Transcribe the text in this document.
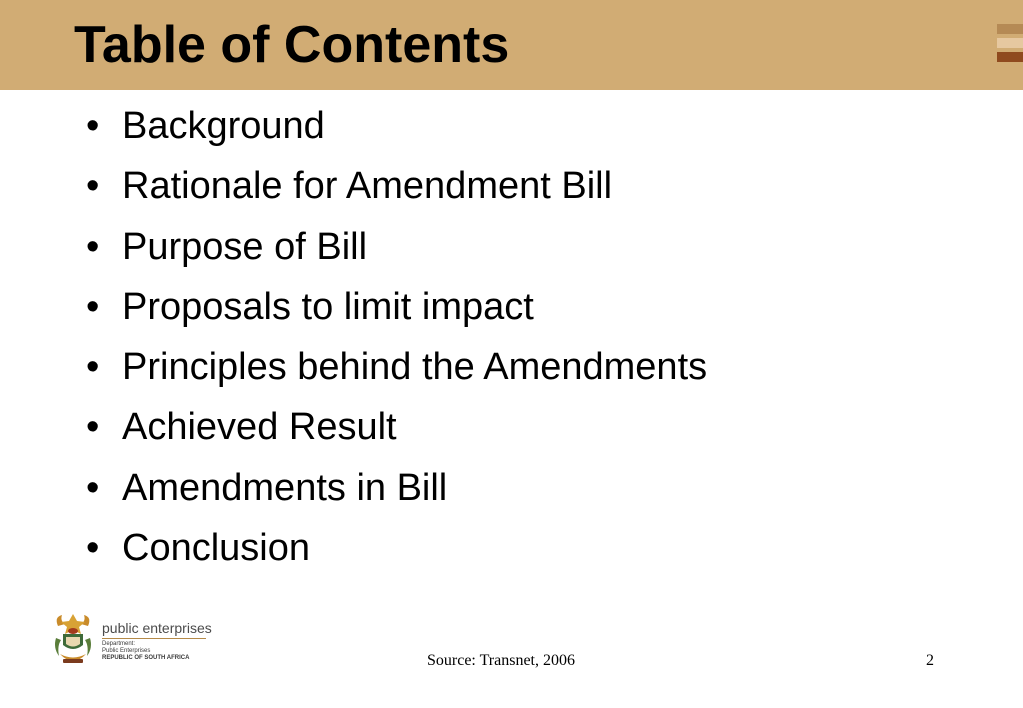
Table of Contents
• Background
• Rationale for Amendment Bill
• Purpose of Bill
• Proposals to limit impact
• Principles behind the Amendments
• Achieved Result
• Amendments in Bill
• Conclusion
public enterprises
Department:
Public Enterprises
REPUBLIC OF SOUTH AFRICA	Source: Transnet, 2006	2
